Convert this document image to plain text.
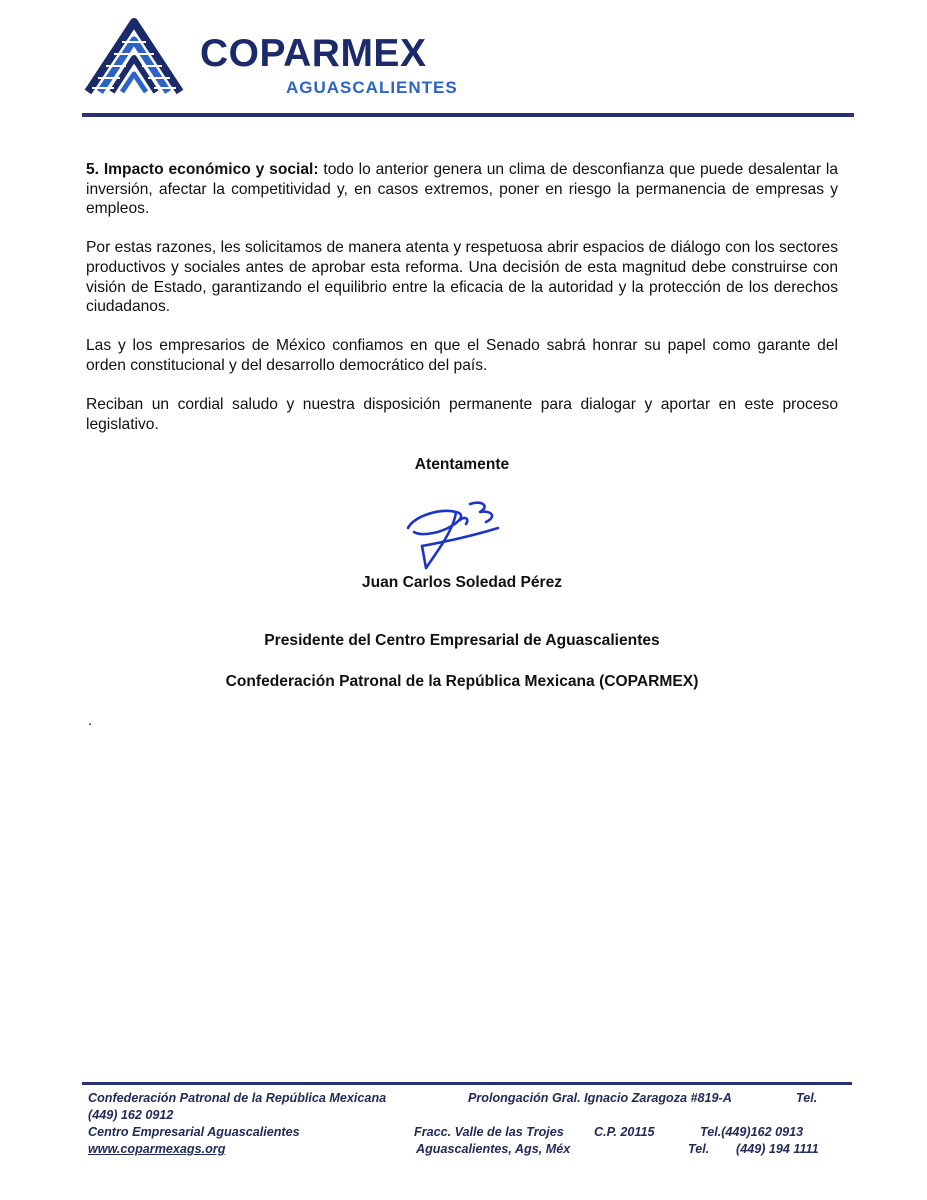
COPARMEX
AGUASCALIENTES

5. Impacto económico y social: todo lo anterior genera un clima de desconfianza que puede desalentar la inversión, afectar la competitividad y, en casos extremos, poner en riesgo la permanencia de empresas y empleos.

Por estas razones, les solicitamos de manera atenta y respetuosa abrir espacios de diálogo con los sectores productivos y sociales antes de aprobar esta reforma. Una decisión de esta magnitud debe construirse con visión de Estado, garantizando el equilibrio entre la eficacia de la autoridad y la protección de los derechos ciudadanos.

Las y los empresarios de México confiamos en que el Senado sabrá honrar su papel como garante del orden constitucional y del desarrollo democrático del país.

Reciban un cordial saludo y nuestra disposición permanente para dialogar y aportar en este proceso legislativo.

Atentamente
Juan Carlos Soledad Pérez
Presidente del Centro Empresarial de Aguascalientes
Confederación Patronal de la República Mexicana (COPARMEX)
.
Confederación Patronal de la República Mexicana	Prolongación Gral. Ignacio Zaragoza #819-A	Tel.
(449) 162 0912
Centro Empresarial Aguascalientes	Fracc. Valle de las Trojes C.P. 20115	Tel.(449)162 0913
www.coparmexags.org	Aguascalientes, Ags, Méx	Tel. (449) 194 1111
